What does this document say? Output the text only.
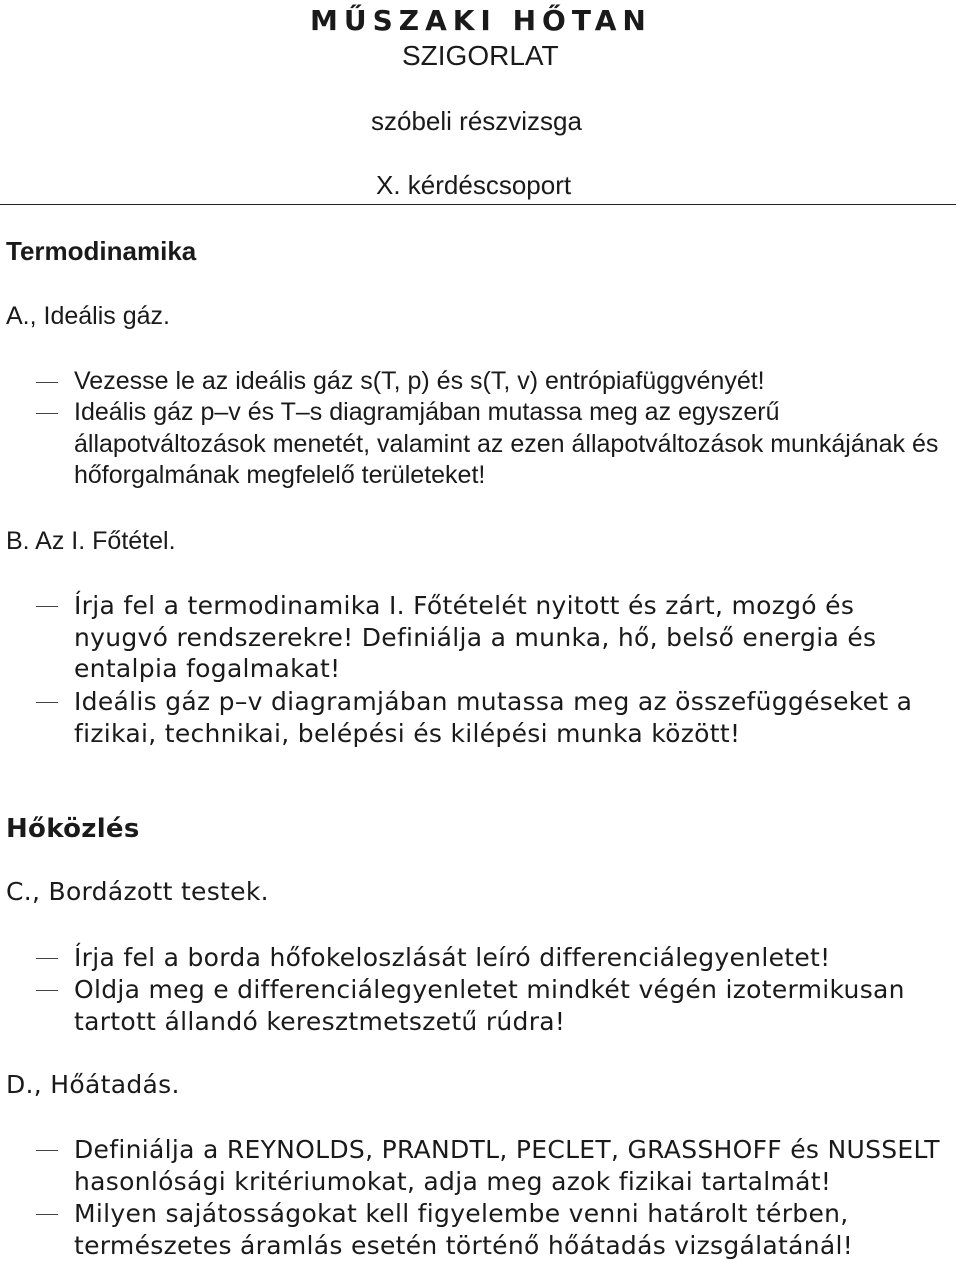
MŰSZAKI HŐTAN
SZIGORLAT
szóbeli részvizsga
X. kérdéscsoport
Termodinamika
A., Ideális gáz.
Vezesse le az ideális gáz s(T, p) és s(T, v) entrópiafüggvényét!
Ideális gáz p–v és T–s diagramjában mutassa meg az egyszerű állapotváltozások menetét, valamint az ezen állapotváltozások munkájának és hőforgalmának megfelelő területeket!
B. Az I. Főtétel.
Írja fel a termodinamika I. Főtételét nyitott és zárt, mozgó és nyugvó rendszerekre! Definiálja a munka, hő, belső energia és entalpia fogalmakat!
Ideális gáz p–v diagramjában mutassa meg az összefüggéseket a fizikai, technikai, belépési és kilépési munka között!
Hőközlés
C., Bordázott testek.
Írja fel a borda hőfokeloszlását leíró differenciálegyenletet!
Oldja meg e differenciálegyenletet mindkét végén izotermikusan tartott állandó keresztmetszetű rúdra!
D., Hőátadás.
Definiálja a REYNOLDS, PRANDTL, PECLET, GRASSHOFF és NUSSELT hasonlósági kritériumokat, adja meg azok fizikai tartalmát!
Milyen sajátosságokat kell figyelembe venni határolt térben, természetes áramlás esetén történő hőátadás vizsgálatánál!
